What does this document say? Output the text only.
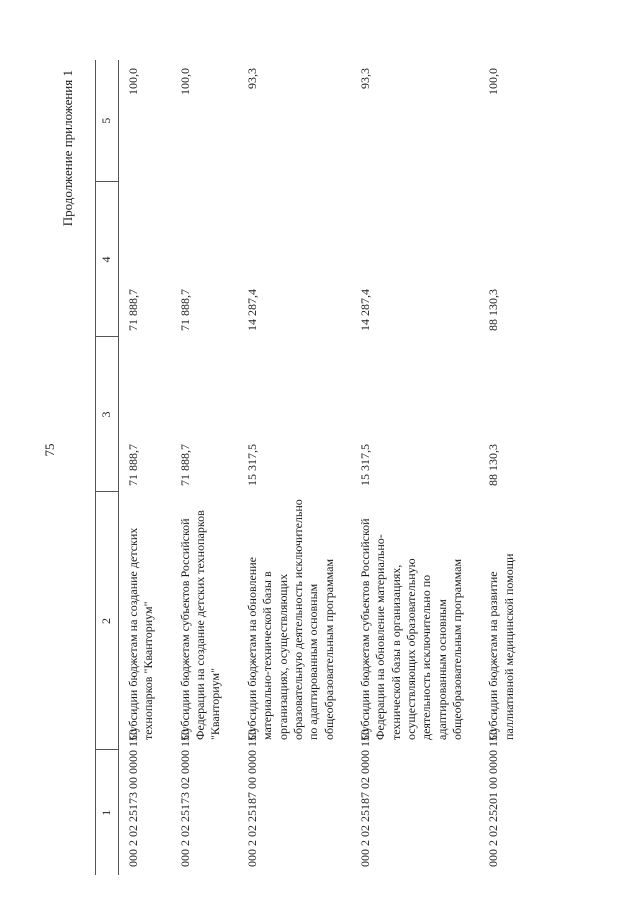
75
Продолжение приложения 1
1	2	3	4	5
000 2 02 25173 00 0000 150	Субсидии бюджетам на создание детских технопарков "Кванториум"	71 888,7	71 888,7	100,0
000 2 02 25173 02 0000 150	Субсидии бюджетам субъектов Российской Федерации на создание детских технопарков "Кванториум"	71 888,7	71 888,7	100,0
000 2 02 25187 00 0000 150	Субсидии бюджетам на обновление материально-технической базы в организациях, осуществляющих образовательную деятельность исключительно по адаптированным основным общеобразовательным программам	15 317,5	14 287,4	93,3
000 2 02 25187 02 0000 150	Субсидии бюджетам субъектов Российской Федерации на обновление материально-технической базы в организациях, осуществляющих образовательную деятельность исключительно по адаптированным основным общеобразовательным программам	15 317,5	14 287,4	93,3
000 2 02 25201 00 0000 150	Субсидии бюджетам на развитие паллиативной медицинской помощи	88 130,3	88 130,3	100,0
